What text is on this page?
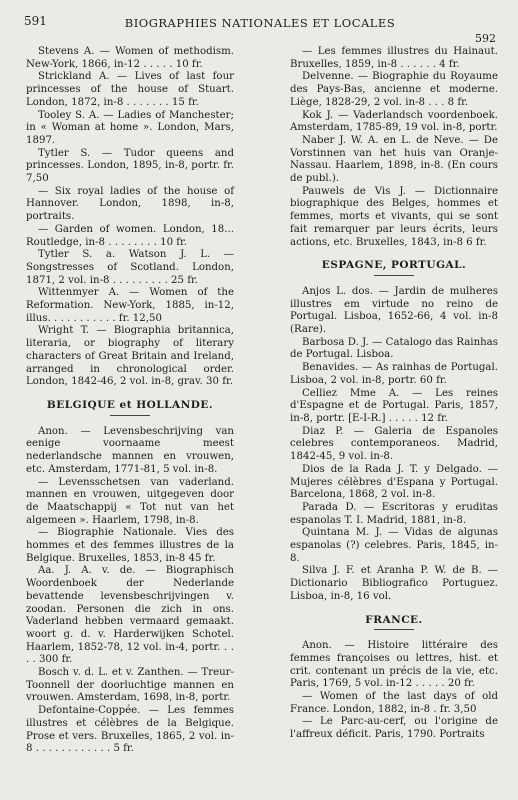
591	BIOGRAPHIES NATIONALES ET LOCALES
592

Stevens A. — Women of methodism. New-York, 1866, in-12 . . . . . 10 fr.

Strickland A. — Lives of last four princesses of the house of Stuart. London, 1872, in-8 . . . . . . . 15 fr.

Tooley S. A. — Ladies of Manchester; in « Woman at home ». London, Mars, 1897.

Tytler S. — Tudor queens and princesses. London, 1895, in-8, portr. fr. 7,50

— Six royal ladies of the house of Hannover. London, 1898, in-8, portraits.

— Garden of women. London, 18... Routledge, in-8 . . . . . . . . 10 fr.

Tytler S. a. Watson J. L. — Songstresses of Scotland. London, 1871, 2 vol. in-8 . . . . . . . . . 25 fr.

Wittenmyer A. — Women of the Reformation. New-York, 1885, in-12, illus. . . . . . . . . . . fr. 12,50

Wright T. — Biographia britannica, literaria, or biography of literary characters of Great Britain and Ireland, arranged in chronological order. London, 1842-46, 2 vol. in-8, grav. 30 fr.

BELGIQUE et HOLLANDE.

Anon. — Levensbeschrijving van eenige voornaame meest nederlandsche mannen en vrouwen, etc. Amsterdam, 1771-81, 5 vol. in-8.

— Levensschetsen van vaderland. mannen en vrouwen, uitgegeven door de Maatschappij « Tot nut van het algemeen ». Haarlem, 1798, in-8.

— Biographie Nationale. Vies des hommes et des femmes illustres de la Belgique. Bruxelles, 1853, in-8 45 fr.

Aa. J. A. v. de. — Biographisch Woordenboek der Nederlande bevattende levensbeschrijvingen v. zoodan. Personen die zich in ons. Vaderland hebben vermaard gemaakt. woort g. d. v. Harderwijken Schotel. Haarlem, 1852-78, 12 vol. in-4, portr. . . . . 300 fr.

Bosch v. d. L. et v. Zanthen. — Treur-Toonnell der doorluchtige mannen en vrouwen. Amsterdam, 1698, in-8, portr.

Defontaine-Coppée. — Les femmes illustres et célèbres de la Belgique. Prose et vers. Bruxelles, 1865, 2 vol. in-8 . . . . . . . . . . . . 5 fr.

— Les femmes illustres du Hainaut. Bruxelles, 1859, in-8 . . . . . . 4 fr.

Delvenne. — Biographie du Royaume des Pays-Bas, ancienne et moderne. Liège, 1828-29, 2 vol. in-8 . . . 8 fr.

Kok J. — Vaderlandsch voordenboek. Amsterdam, 1785-89, 19 vol. in-8, portr.

Naber J. W. A. en L. de Neve. — De Vorstinnen van het huis van Oranje-Nassau. Haarlem, 1898, in-8. (En cours de publ.).

Pauwels de Vis J. — Dictionnaire biographique des Belges, hommes et femmes, morts et vivants, qui se sont fait remarquer par leurs écrits, leurs actions, etc. Bruxelles, 1843, in-8 6 fr.

ESPAGNE, PORTUGAL.

Anjos L. dos. — Jardin de mulheres illustres em virtude no reino de Portugal. Lisboa, 1652-66, 4 vol. in-8 (Rare).

Barbosa D. J. — Catalogo das Rainhas de Portugal. Lisboa.

Benavides. — As rainhas de Portugal. Lisboa, 2 vol. in-8, portr. 60 fr.

Celliez Mme A. — Les reines d'Espagne et de Portugal. Paris, 1857, in-8, portr. [E-I-R.] . . . . . 12 fr.

Diaz P. — Galeria de Espanoles celebres contemporaneos. Madrid, 1842-45, 9 vol. in-8.

Dios de la Rada J. T. y Delgado. — Mujeres célèbres d'Espana y Portugal. Barcelona, 1868, 2 vol. in-8.

Parada D. — Escritoras y eruditas espanolas T. I. Madrid, 1881, in-8.

Quintana M. J. — Vidas de algunas espanolas (?) celebres. Paris, 1845, in-8.

Silva J. F. et Aranha P. W. de B. — Dictionario Bibliografico Portuguez. Lisboa, in-8, 16 vol.

FRANCE.

Anon. — Histoire littéraire des femmes françoises ou lettres, hist. et crit. contenant un précis de la vie, etc. Paris, 1769, 5 vol. in-12 . . . . . 20 fr.

— Women of the last days of old France. London, 1882, in-8 . fr. 3,50

— Le Parc-au-cerf, ou l'origine de l'affreux déficit. Paris, 1790. Portraits
